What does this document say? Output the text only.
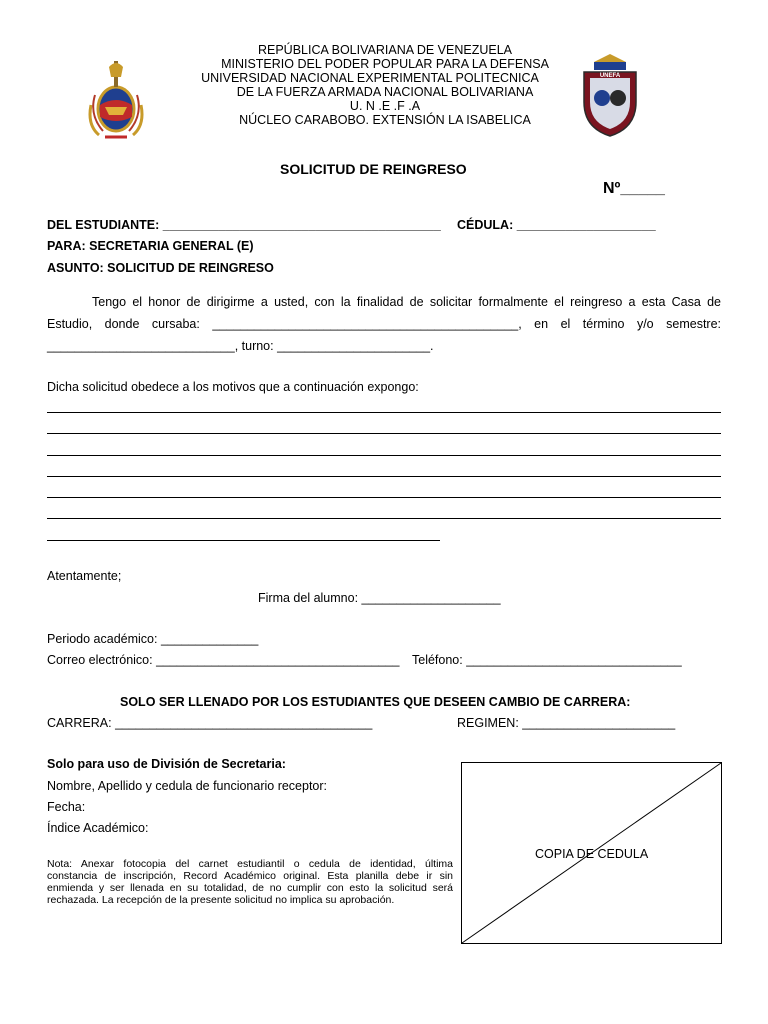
UNEFA
REPÚBLICA BOLIVARIANA DE VENEZUELA
MINISTERIO DEL PODER POPULAR PARA LA DEFENSA
UNIVERSIDAD NACIONAL EXPERIMENTAL POLITECNICA
DE LA FUERZA ARMADA NACIONAL BOLIVARIANA
U. N .E .F .A
NÚCLEO CARABOBO. EXTENSIÓN LA ISABELICA
SOLICITUD DE REINGRESO
Nº_____
DEL ESTUDIANTE: ________________________________________ CÉDULA: ____________________
PARA: SECRETARIA GENERAL (E)
ASUNTO: SOLICITUD DE REINGRESO
Tengo el honor de dirigirme a usted, con la finalidad de solicitar formalmente el reingreso a esta Casa de
Estudio, donde cursaba: ____________________________________________, en el término y/o semestre:
___________________________, turno: ______________________.
Dicha solicitud obedece a los motivos que a continuación expongo:
Atentamente;
Firma del alumno: ____________________
Periodo académico: ______________
Correo electrónico: ___________________________________ Teléfono: _______________________________
SOLO SER LLENADO POR LOS ESTUDIANTES QUE DESEEN CAMBIO DE CARRERA:
CARRERA: _____________________________________	REGIMEN: ______________________
Solo para uso de División de Secretaria:
Nombre, Apellido y cedula de funcionario receptor:
Fecha:
Índice Académico:
Nota: Anexar fotocopia del carnet estudiantil o cedula de identidad, última
constancia de inscripción, Record Académico original. Esta planilla debe ir sin
enmienda y ser llenada en su totalidad, de no cumplir con esto la solicitud será
rechazada. La recepción de la presente solicitud no implica su aprobación.
COPIA DE CEDULA
